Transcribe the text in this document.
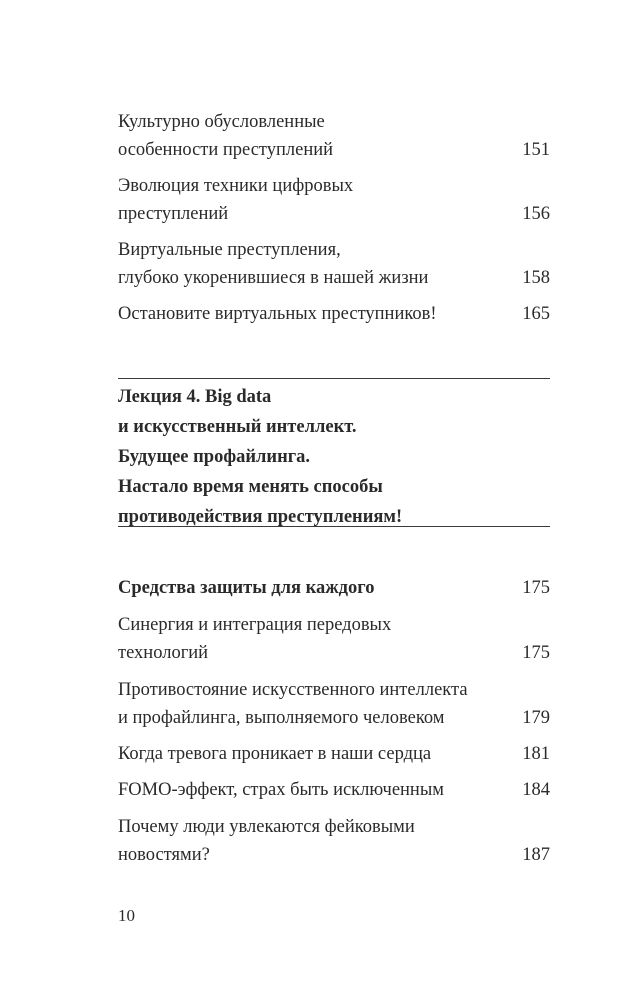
Культурно обусловленные
особенности преступлений	151
Эволюция техники цифровых
преступлений	156
Виртуальные преступления,
глубоко укоренившиеся в нашей жизни	158
Остановите виртуальных преступников!	165
Лекция 4. Big data
и искусственный интеллект.
Будущее профайлинга.
Настало время менять способы
противодействия преступлениям!
Средства защиты для каждого	175
Синергия и интеграция передовых
технологий	175
Противостояние искусственного интеллекта
и профайлинга, выполняемого человеком	179
Когда тревога проникает в наши сердца	181
FOMO-эффект, страх быть исключенным	184
Почему люди увлекаются фейковыми
новостями?	187
10
